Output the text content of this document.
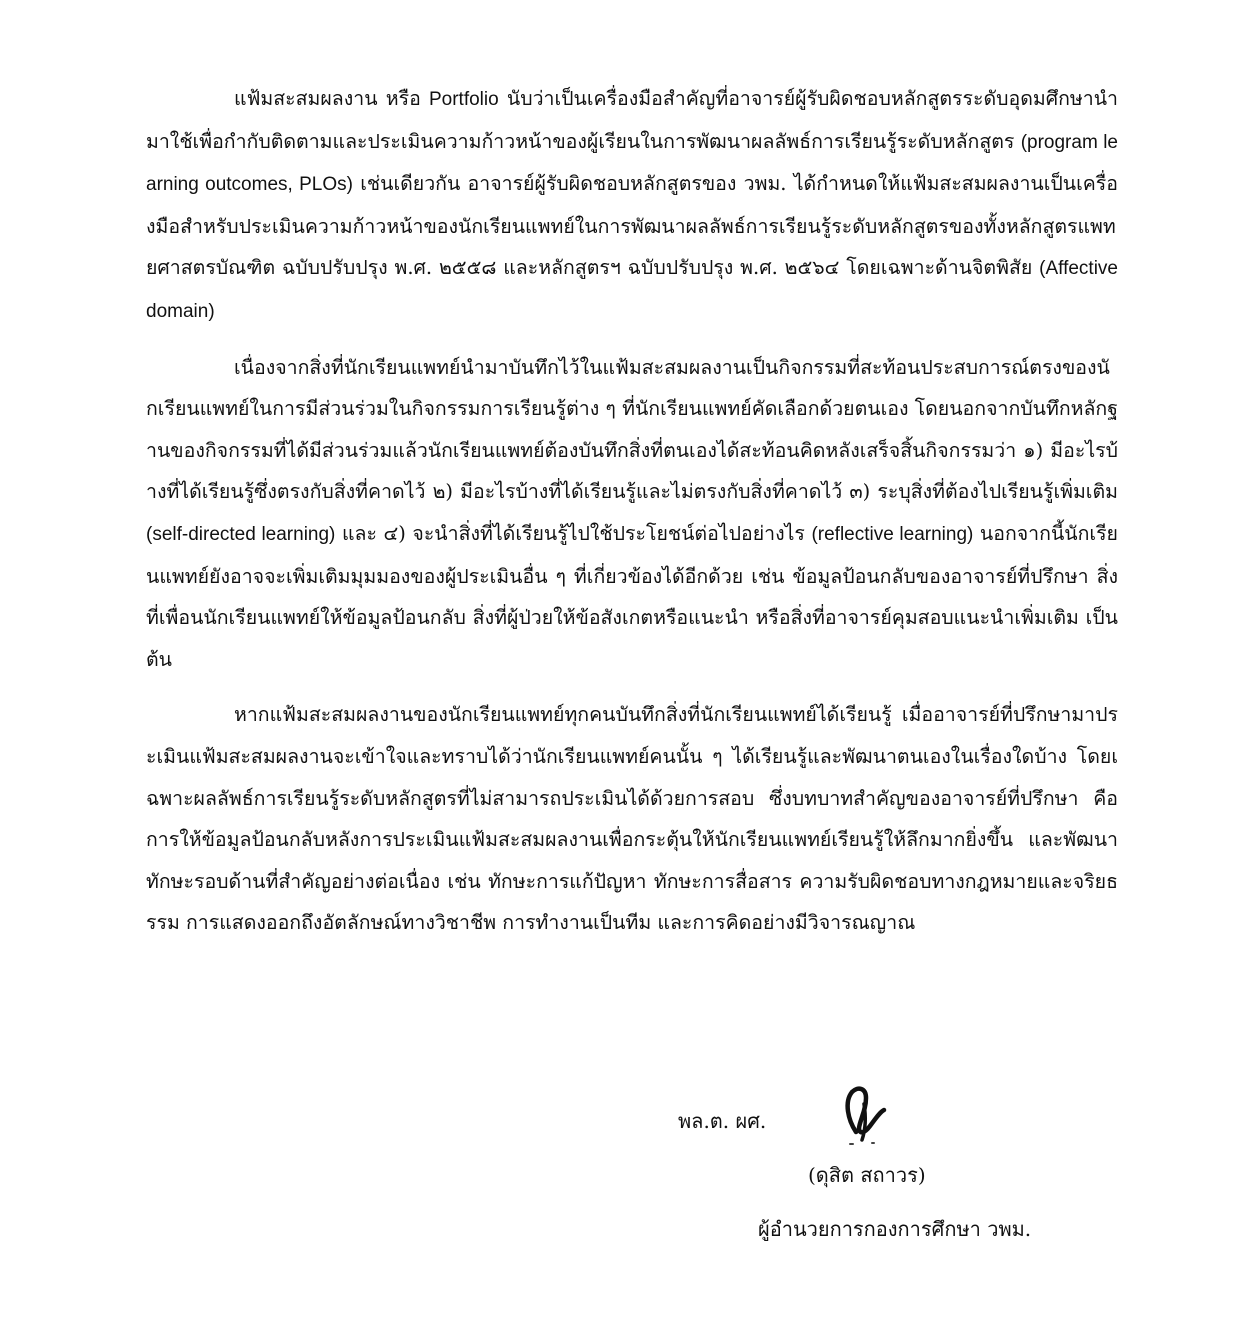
แฟ้มสะสมผลงาน หรือ Portfolio นับว่าเป็นเครื่องมือสำคัญที่อาจารย์ผู้รับผิดชอบหลักสูตรระดับอุดมศึกษานำมาใช้เพื่อกำกับติดตามและประเมินความก้าวหน้าของผู้เรียนในการพัฒนาผลลัพธ์การเรียนรู้ระดับหลักสูตร (program learning outcomes, PLOs) เช่นเดียวกัน อาจารย์ผู้รับผิดชอบหลักสูตรของ วพม. ได้กำหนดให้แฟ้มสะสมผลงานเป็นเครื่องมือสำหรับประเมินความก้าวหน้าของนักเรียนแพทย์ในการพัฒนาผลลัพธ์การเรียนรู้ระดับหลักสูตรของทั้งหลักสูตรแพทยศาสตรบัณฑิต ฉบับปรับปรุง พ.ศ. ๒๕๕๘ และหลักสูตรฯ ฉบับปรับปรุง พ.ศ. ๒๕๖๔ โดยเฉพาะด้านจิตพิสัย (Affective domain)

เนื่องจากสิ่งที่นักเรียนแพทย์นำมาบันทึกไว้ในแฟ้มสะสมผลงานเป็นกิจกรรมที่สะท้อนประสบการณ์ตรงของนักเรียนแพทย์ในการมีส่วนร่วมในกิจกรรมการเรียนรู้ต่าง ๆ ที่นักเรียนแพทย์คัดเลือกด้วยตนเอง โดยนอกจากบันทึกหลักฐานของกิจกรรมที่ได้มีส่วนร่วมแล้วนักเรียนแพทย์ต้องบันทึกสิ่งที่ตนเองได้สะท้อนคิดหลังเสร็จสิ้นกิจกรรมว่า ๑) มีอะไรบ้างที่ได้เรียนรู้ซึ่งตรงกับสิ่งที่คาดไว้ ๒) มีอะไรบ้างที่ได้เรียนรู้และไม่ตรงกับสิ่งที่คาดไว้ ๓) ระบุสิ่งที่ต้องไปเรียนรู้เพิ่มเติม (self-directed learning) และ ๔) จะนำสิ่งที่ได้เรียนรู้ไปใช้ประโยชน์ต่อไปอย่างไร (reflective learning) นอกจากนี้นักเรียนแพทย์ยังอาจจะเพิ่มเติมมุมมองของผู้ประเมินอื่น ๆ ที่เกี่ยวข้องได้อีกด้วย เช่น ข้อมูลป้อนกลับของอาจารย์ที่ปรึกษา สิ่งที่เพื่อนนักเรียนแพทย์ให้ข้อมูลป้อนกลับ สิ่งที่ผู้ป่วยให้ข้อสังเกตหรือแนะนำ หรือสิ่งที่อาจารย์คุมสอบแนะนำเพิ่มเติม เป็นต้น

หากแฟ้มสะสมผลงานของนักเรียนแพทย์ทุกคนบันทึกสิ่งที่นักเรียนแพทย์ได้เรียนรู้ เมื่ออาจารย์ที่ปรึกษามาประเมินแฟ้มสะสมผลงานจะเข้าใจและทราบได้ว่านักเรียนแพทย์คนนั้น ๆ ได้เรียนรู้และพัฒนาตนเองในเรื่องใดบ้าง โดยเฉพาะผลลัพธ์การเรียนรู้ระดับหลักสูตรที่ไม่สามารถประเมินได้ด้วยการสอบ ซึ่งบทบาทสำคัญของอาจารย์ที่ปรึกษา คือ การให้ข้อมูลป้อนกลับหลังการประเมินแฟ้มสะสมผลงานเพื่อกระตุ้นให้นักเรียนแพทย์เรียนรู้ให้ลึกมากยิ่งขึ้น และพัฒนาทักษะรอบด้านที่สำคัญอย่างต่อเนื่อง เช่น ทักษะการแก้ปัญหา ทักษะการสื่อสาร ความรับผิดชอบทางกฎหมายและจริยธรรม การแสดงออกถึงอัตลักษณ์ทางวิชาชีพ การทำงานเป็นทีม และการคิดอย่างมีวิจารณญาณ

พล.ต. ผศ.
(ดุสิต สถาวร)
ผู้อำนวยการกองการศึกษา วพม.
